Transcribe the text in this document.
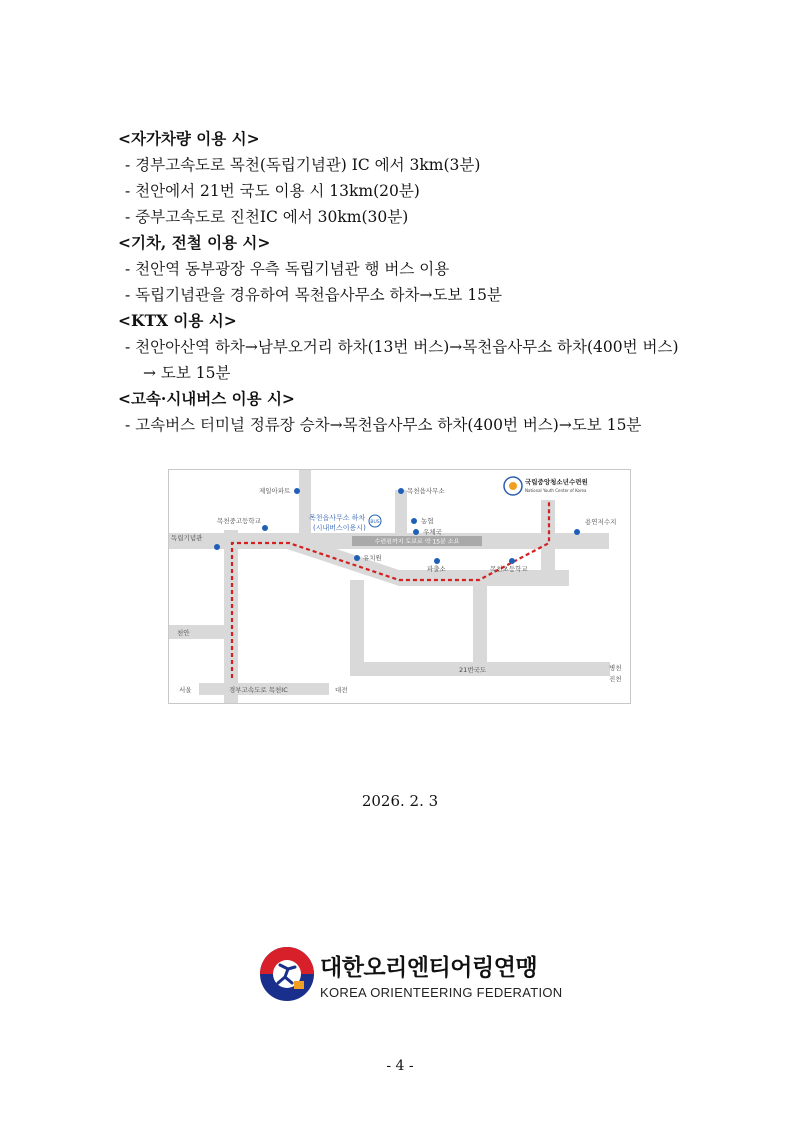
<자가차량 이용 시>
- 경부고속도로 목천(독립기념관) IC 에서 3km(3분)
- 천안에서 21번 국도 이용 시 13km(20분)
- 중부고속도로 진천IC 에서 30km(30분)
<기차, 전철 이용 시>
- 천안역 동부광장 우측 독립기념관 행 버스 이용
- 독립기념관을 경유하여 목천읍사무소 하차→도보 15분
<KTX 이용 시>
- 천안아산역 하차→남부오거리 하차(13번 버스)→목천읍사무소 하차(400번 버스)
→ 도보 15분
<고속·시내버스 이용 시>
- 고속버스 터미널 정류장 승차→목천읍사무소 하차(400번 버스)→도보 15분
수련원까지 도보로 약 15분 소요
BUS
제일아파트	목천읍사무소
국립중앙청소년수련원
National Youth Center of Korea
목천중고등학교	목천읍사무소 하차
(시내버스이용시)
농협
우체국
용연저수지
독립기념관
유치원
파출소	목천초등학교
천안
21번국도	병천
진천
서울	경부고속도로 목천IC	대전
2026. 2. 3
대한오리엔티어링연맹
KOREA ORIENTEERING FEDERATION
- 4 -
